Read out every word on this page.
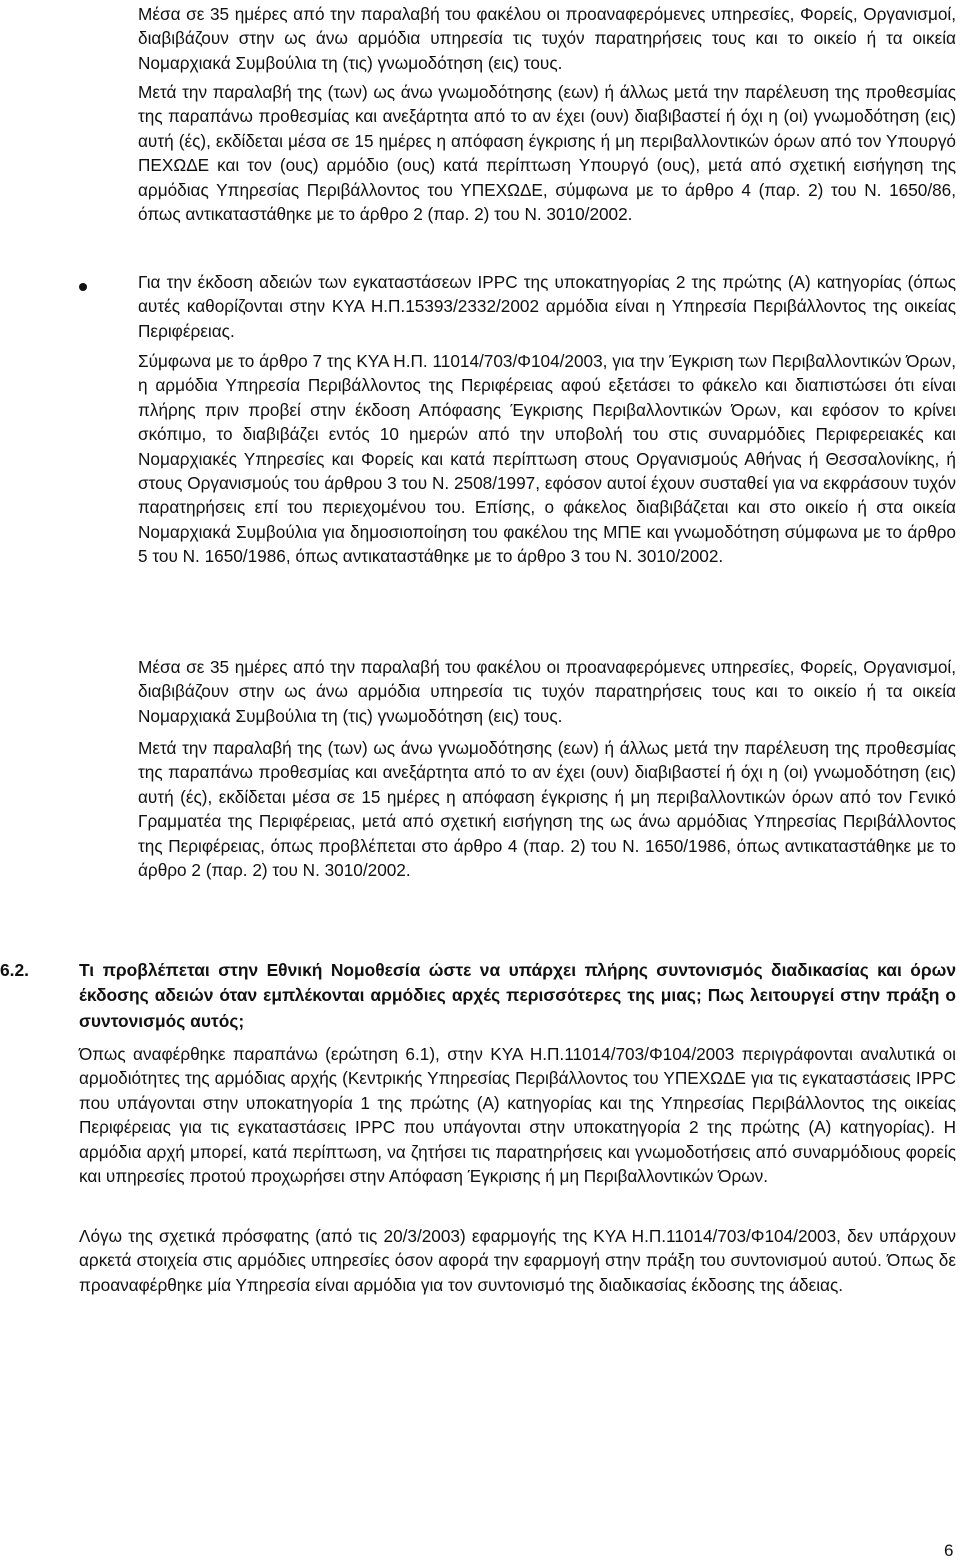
Μέσα σε 35 ημέρες από την παραλαβή του φακέλου οι προαναφερόμενες υπηρεσίες, Φορείς, Οργανισμοί, διαβιβάζουν στην ως άνω αρμόδια υπηρεσία τις τυχόν παρατηρήσεις τους και το οικείο ή τα οικεία Νομαρχιακά Συμβούλια τη (τις) γνωμοδότηση (εις) τους.

Μετά την παραλαβή της (των) ως άνω γνωμοδότησης (εων) ή άλλως μετά την παρέλευση της προθεσμίας της παραπάνω προθεσμίας και ανεξάρτητα από το αν έχει (ουν) διαβιβαστεί ή όχι η (οι) γνωμοδότηση (εις) αυτή (ές), εκδίδεται μέσα σε 15 ημέρες η απόφαση έγκρισης ή μη περιβαλλοντικών όρων από τον Υπουργό ΠΕΧΩΔΕ και τον (ους) αρμόδιο (ους) κατά περίπτωση Υπουργό (ους), μετά από σχετική εισήγηση της αρμόδιας Υπηρεσίας Περιβάλλοντος του ΥΠΕΧΩΔΕ, σύμφωνα με το άρθρο 4 (παρ. 2) του Ν. 1650/86, όπως αντικαταστάθηκε με το άρθρο 2 (παρ. 2) του Ν. 3010/2002.

Για την έκδοση αδειών των εγκαταστάσεων IPPC της υποκατηγορίας 2 της πρώτης (Α) κατηγορίας (όπως αυτές καθορίζονται στην ΚΥΑ Η.Π.15393/2332/2002 αρμόδια είναι η Υπηρεσία Περιβάλλοντος της οικείας Περιφέρειας.

Σύμφωνα με το άρθρο 7 της ΚΥΑ Η.Π. 11014/703/Φ104/2003, για την Έγκριση των Περιβαλλοντικών Όρων, η αρμόδια Υπηρεσία Περιβάλλοντος της Περιφέρειας αφού εξετάσει το φάκελο και διαπιστώσει ότι είναι πλήρης πριν προβεί στην έκδοση Απόφασης Έγκρισης Περιβαλλοντικών Όρων, και εφόσον το κρίνει σκόπιμο, το διαβιβάζει εντός 10 ημερών από την υποβολή του στις συναρμόδιες Περιφερειακές και Νομαρχιακές Υπηρεσίες και Φορείς και κατά περίπτωση στους Οργανισμούς Αθήνας ή Θεσσαλονίκης, ή στους Οργανισμούς του άρθρου 3 του Ν. 2508/1997, εφόσον αυτοί έχουν συσταθεί για να εκφράσουν τυχόν παρατηρήσεις επί του περιεχομένου του. Επίσης, ο φάκελος διαβιβάζεται και στο οικείο ή στα οικεία Νομαρχιακά Συμβούλια για δημοσιοποίηση του φακέλου της ΜΠΕ και γνωμοδότηση σύμφωνα με το άρθρο 5 του Ν. 1650/1986, όπως αντικαταστάθηκε με το άρθρο 3 του Ν. 3010/2002.

Μέσα σε 35 ημέρες από την παραλαβή του φακέλου οι προαναφερόμενες υπηρεσίες, Φορείς, Οργανισμοί, διαβιβάζουν στην ως άνω αρμόδια υπηρεσία τις τυχόν παρατηρήσεις τους και το οικείο ή τα οικεία Νομαρχιακά Συμβούλια τη (τις) γνωμοδότηση (εις) τους.

Μετά την παραλαβή της (των) ως άνω γνωμοδότησης (εων) ή άλλως μετά την παρέλευση της προθεσμίας της παραπάνω προθεσμίας και ανεξάρτητα από το αν έχει (ουν) διαβιβαστεί ή όχι η (οι) γνωμοδότηση (εις) αυτή (ές), εκδίδεται μέσα σε 15 ημέρες η απόφαση έγκρισης ή μη περιβαλλοντικών όρων από τον Γενικό Γραμματέα της Περιφέρειας, μετά από σχετική εισήγηση της ως άνω αρμόδιας Υπηρεσίας Περιβάλλοντος της Περιφέρειας, όπως προβλέπεται στο άρθρο 4 (παρ. 2) του Ν. 1650/1986, όπως αντικαταστάθηκε με το άρθρο 2 (παρ. 2) του Ν. 3010/2002.

6.2.	Τι προβλέπεται στην Εθνική Νομοθεσία ώστε να υπάρχει πλήρης συντονισμός διαδικασίας και όρων έκδοσης αδειών όταν εμπλέκονται αρμόδιες αρχές περισσότερες της μιας; Πως λειτουργεί στην πράξη ο συντονισμός αυτός;

Όπως αναφέρθηκε παραπάνω (ερώτηση 6.1), στην ΚΥΑ Η.Π.11014/703/Φ104/2003 περιγράφονται αναλυτικά οι αρμοδιότητες της αρμόδιας αρχής (Κεντρικής Υπηρεσίας Περιβάλλοντος του ΥΠΕΧΩΔΕ για τις εγκαταστάσεις IPPC που υπάγονται στην υποκατηγορία 1 της πρώτης (Α) κατηγορίας και της Υπηρεσίας Περιβάλλοντος της οικείας Περιφέρειας για τις εγκαταστάσεις IPPC που υπάγονται στην υποκατηγορία 2 της πρώτης (Α) κατηγορίας). Η αρμόδια αρχή μπορεί, κατά περίπτωση, να ζητήσει τις παρατηρήσεις και γνωμοδοτήσεις από συναρμόδιους φορείς και υπηρεσίες προτού προχωρήσει στην Απόφαση Έγκρισης ή μη Περιβαλλοντικών Όρων.

Λόγω της σχετικά πρόσφατης (από τις 20/3/2003) εφαρμογής της ΚΥΑ Η.Π.11014/703/Φ104/2003, δεν υπάρχουν αρκετά στοιχεία στις αρμόδιες υπηρεσίες όσον αφορά την εφαρμογή στην πράξη του συντονισμού αυτού. Όπως δε προαναφέρθηκε μία Υπηρεσία είναι αρμόδια για τον συντονισμό της διαδικασίας έκδοσης της άδειας.

6
